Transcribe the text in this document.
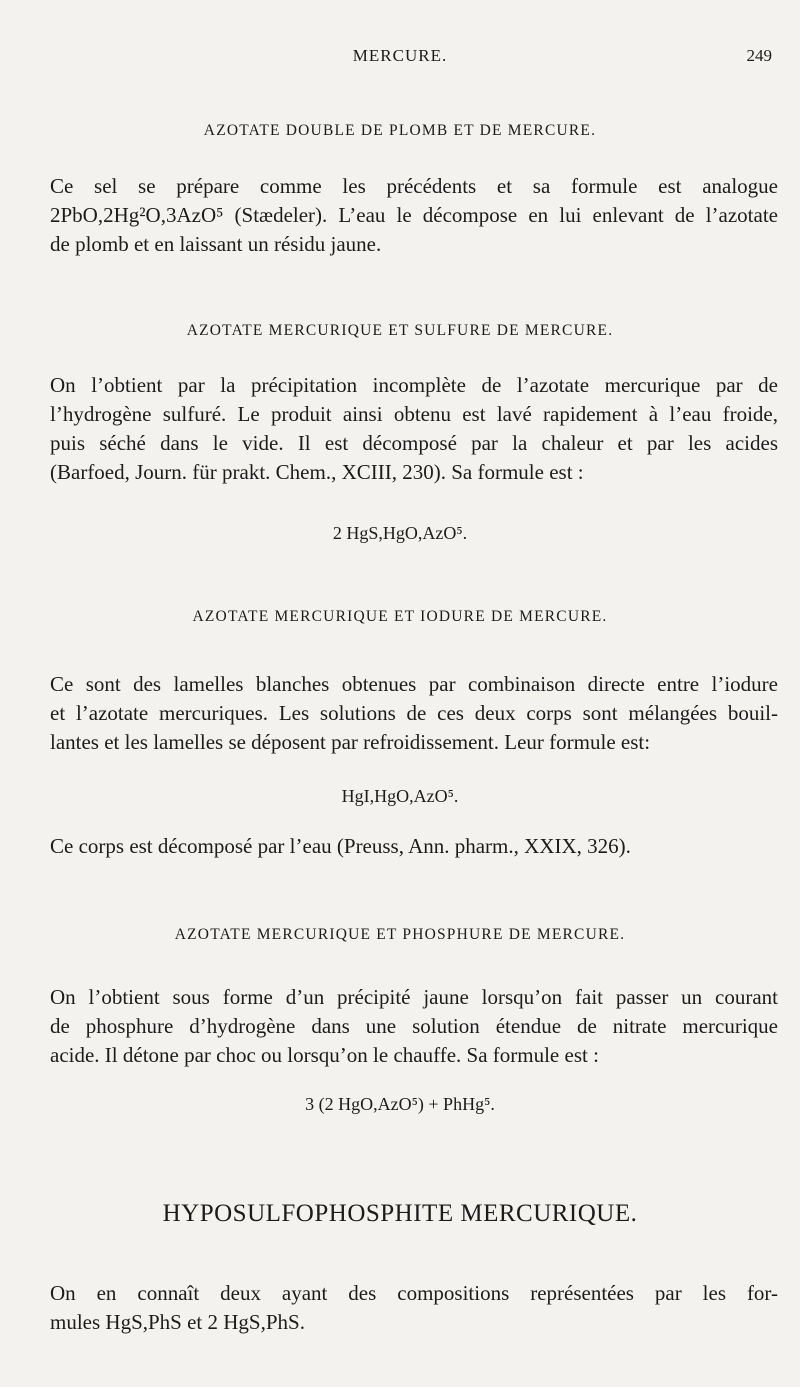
MERCURE.	249
AZOTATE DOUBLE DE PLOMB ET DE MERCURE.
Ce sel se prépare comme les précédents et sa formule est analogue
2PbO,2Hg²O,3AzO⁵ (Stædeler). L’eau le décompose en lui enlevant de l’azotate
de plomb et en laissant un résidu jaune.
AZOTATE MERCURIQUE ET SULFURE DE MERCURE.
On l’obtient par la précipitation incomplète de l’azotate mercurique par de
l’hydrogène sulfuré. Le produit ainsi obtenu est lavé rapidement à l’eau froide,
puis séché dans le vide. Il est décomposé par la chaleur et par les acides
(Barfoed, Journ. für prakt. Chem., XCIII, 230). Sa formule est :
2 HgS,HgO,AzO⁵.
AZOTATE MERCURIQUE ET IODURE DE MERCURE.
Ce sont des lamelles blanches obtenues par combinaison directe entre l’iodure
et l’azotate mercuriques. Les solutions de ces deux corps sont mélangées bouil-
lantes et les lamelles se déposent par refroidissement. Leur formule est:
HgI,HgO,AzO⁵.
Ce corps est décomposé par l’eau (Preuss, Ann. pharm., XXIX, 326).
AZOTATE MERCURIQUE ET PHOSPHURE DE MERCURE.
On l’obtient sous forme d’un précipité jaune lorsqu’on fait passer un courant
de phosphure d’hydrogène dans une solution étendue de nitrate mercurique
acide. Il détone par choc ou lorsqu’on le chauffe. Sa formule est :
3 (2 HgO,AzO⁵) + PhHg⁵.
HYPOSULFOPHOSPHITE MERCURIQUE.
On en connaît deux ayant des compositions représentées par les for-
mules HgS,PhS et 2 HgS,PhS.
